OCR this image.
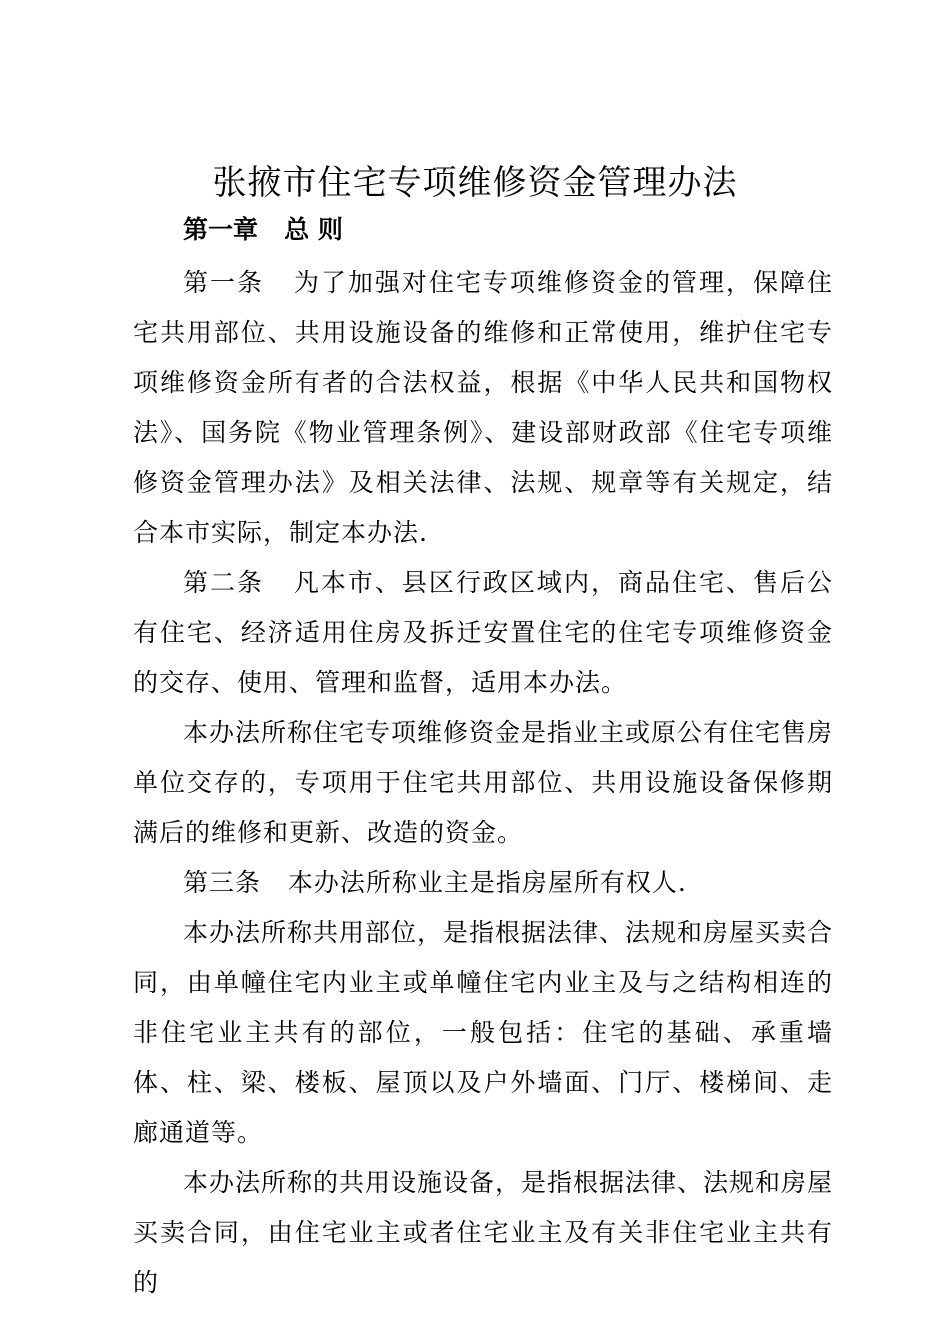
张掖市住宅专项维修资金管理办法
第一章   总 则

第一条   为了加强对住宅专项维修资金的管理，保障住宅共用部位、共用设施设备的维修和正常使用，维护住宅专项维修资金所有者的合法权益，根据《中华人民共和国物权法》、国务院《物业管理条例》、建设部财政部《住宅专项维修资金管理办法》及相关法律、法规、规章等有关规定，结合本市实际，制定本办法.

第二条   凡本市、县区行政区域内，商品住宅、售后公有住宅、经济适用住房及拆迁安置住宅的住宅专项维修资金的交存、使用、管理和监督，适用本办法。

本办法所称住宅专项维修资金是指业主或原公有住宅售房单位交存的，专项用于住宅共用部位、共用设施设备保修期满后的维修和更新、改造的资金。

第三条   本办法所称业主是指房屋所有权人.

本办法所称共用部位，是指根据法律、法规和房屋买卖合同，由单幢住宅内业主或单幢住宅内业主及与之结构相连的非住宅业主共有的部位，一般包括：住宅的基础、承重墙体、柱、梁、楼板、屋顶以及户外墙面、门厅、楼梯间、走廊通道等。

本办法所称的共用设施设备，是指根据法律、法规和房屋买卖合同，由住宅业主或者住宅业主及有关非住宅业主共有的
